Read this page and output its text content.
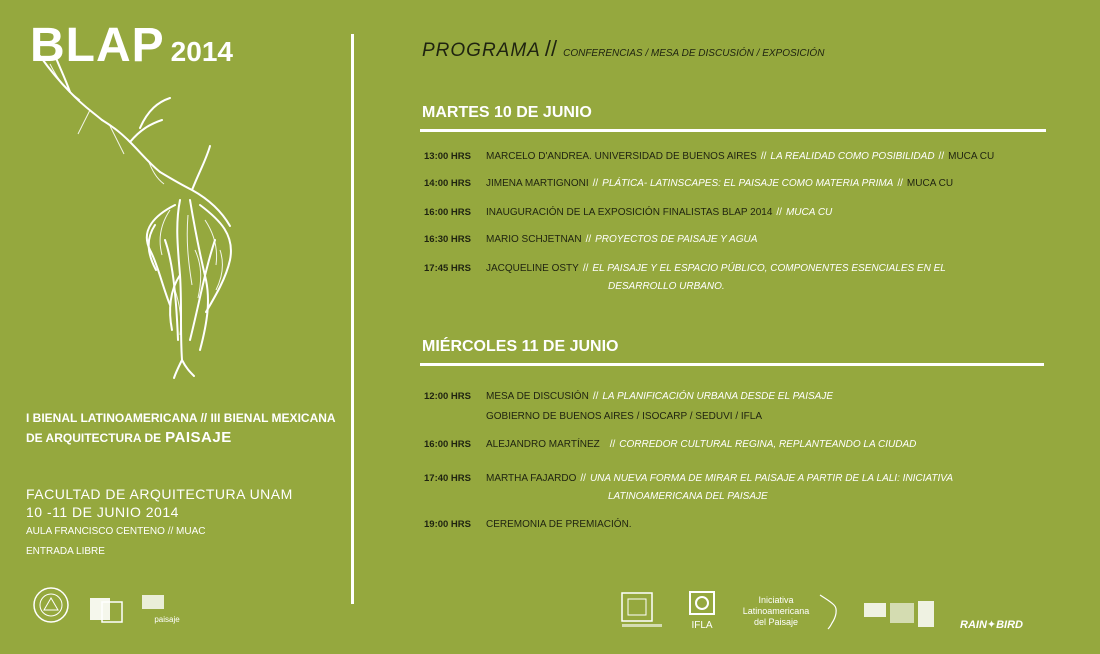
BLAP 2014
I BIENAL LATINOAMERICANA // III BIENAL MEXICANA
DE ARQUITECTURA DE PAISAJE
FACULTAD DE ARQUITECTURA UNAM
10 -11 DE JUNIO 2014
AULA FRANCISCO CENTENO // MUAC
ENTRADA LIBRE
paisaje
PROGRAMA // CONFERENCIAS / MESA DE DISCUSIÓN / EXPOSICIÓN
MARTES 10 DE JUNIO
13:00 HRS	MARCELO D'ANDREA. UNIVERSIDAD DE BUENOS AIRES // LA REALIDAD COMO POSIBILIDAD // MUCA CU
14:00 HRS	JIMENA MARTIGNONI // PLÁTICA- LATINSCAPES: EL PAISAJE COMO MATERIA PRIMA // MUCA CU
16:00 HRS	INAUGURACIÓN DE LA EXPOSICIÓN FINALISTAS BLAP 2014 // MUCA CU
16:30 HRS	MARIO SCHJETNAN // PROYECTOS DE PAISAJE Y AGUA
17:45 HRS	JACQUELINE OSTY // EL PAISAJE Y EL ESPACIO PÚBLICO, COMPONENTES ESENCIALES EN EL
DESARROLLO URBANO.
MIÉRCOLES 11 DE JUNIO
12:00 HRS	MESA DE DISCUSIÓN // LA PLANIFICACIÓN URBANA DESDE EL PAISAJE
GOBIERNO DE BUENOS AIRES / ISOCARP / SEDUVI / IFLA
16:00 HRS	ALEJANDRO MARTÍNEZ // CORREDOR CULTURAL REGINA, REPLANTEANDO LA CIUDAD
17:40 HRS	MARTHA FAJARDO // UNA NUEVA FORMA DE MIRAR EL PAISAJE A PARTIR DE LA LALI: INICIATIVA
LATINOAMERICANA DEL PAISAJE
19:00 HRS	CEREMONIA DE PREMIACIÓN.
IFLA
Iniciativa Latinoamericana del Paisaje	RAIN✦BIRD
